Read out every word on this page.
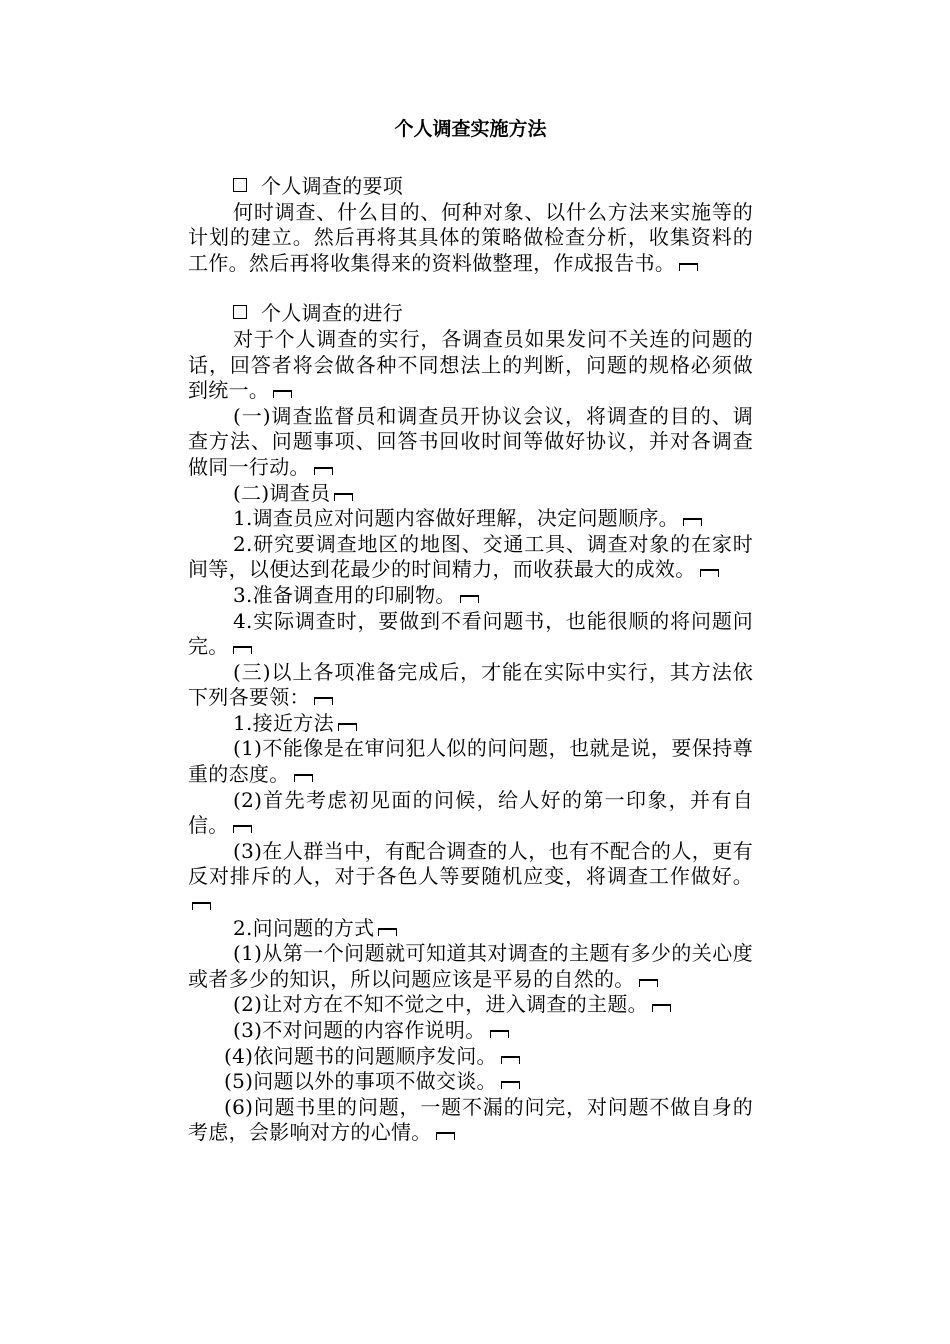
个人调查实施方法

个人调查的要项

何时调查、什么目的、何种对象、以什么方法来实施等的计划的建立。然后再将其具体的策略做检查分析，收集资料的工作。然后再将收集得来的资料做整理，作成报告书。

个人调查的进行

对于个人调查的实行，各调查员如果发问不关连的问题的话，回答者将会做各种不同想法上的判断，问题的规格必须做到统一。

(一)调查监督员和调查员开协议会议，将调查的目的、调查方法、问题事项、回答书回收时间等做好协议，并对各调查做同一行动。

(二)调查员

1.调查员应对问题内容做好理解，决定问题顺序。

2.研究要调查地区的地图、交通工具、调查对象的在家时间等，以便达到花最少的时间精力，而收获最大的成效。

3.准备调查用的印刷物。

4.实际调查时，要做到不看问题书，也能很顺的将问题问完。

(三)以上各项准备完成后，才能在实际中实行，其方法依下列各要领：

1.接近方法

(1)不能像是在审问犯人似的问问题，也就是说，要保持尊重的态度。

(2)首先考虑初见面的问候，给人好的第一印象，并有自信。

(3)在人群当中，有配合调查的人，也有不配合的人，更有反对排斥的人，对于各色人等要随机应变，将调查工作做好。

2.问问题的方式

(1)从第一个问题就可知道其对调查的主题有多少的关心度或者多少的知识，所以问题应该是平易的自然的。

(2)让对方在不知不觉之中，进入调查的主题。

(3)不对问题的内容作说明。

(4)依问题书的问题顺序发问。

(5)问题以外的事项不做交谈。

(6)问题书里的问题，一题不漏的问完，对问题不做自身的考虑，会影响对方的心情。
